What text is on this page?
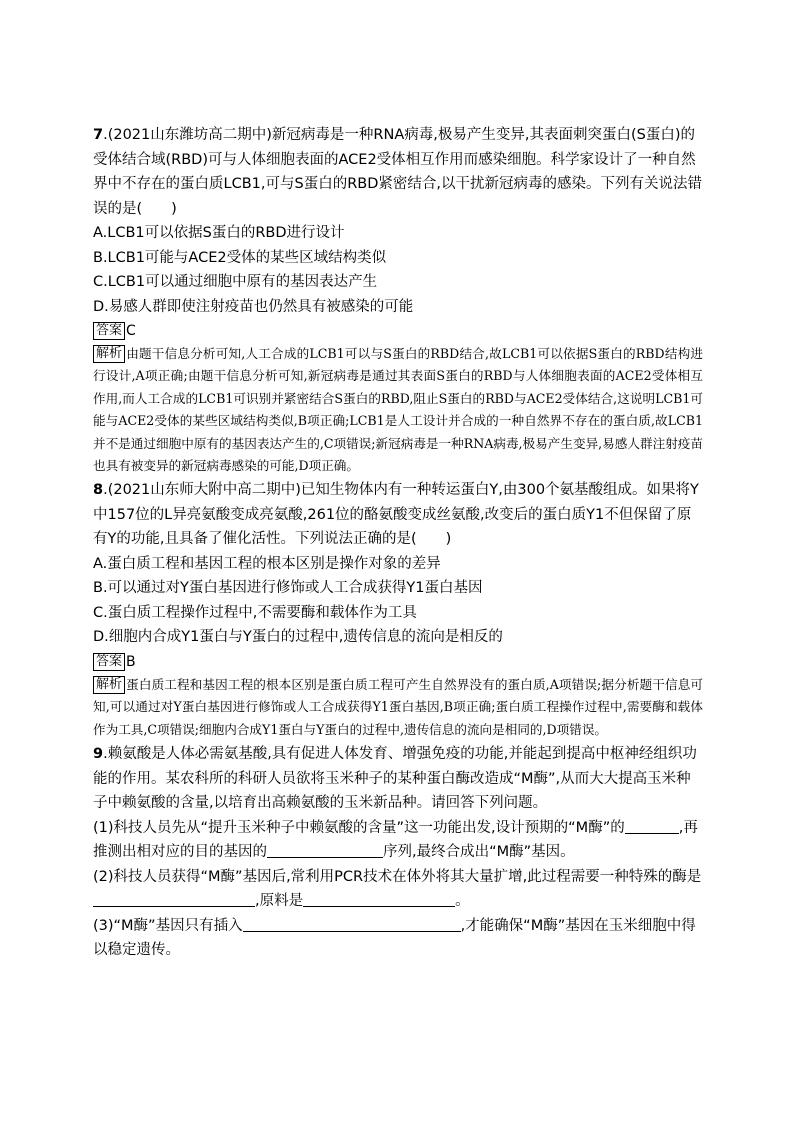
7.(2021山东潍坊高二期中)新冠病毒是一种RNA病毒,极易产生变异,其表面刺突蛋白(S蛋白)的受体结合域(RBD)可与人体细胞表面的ACE2受体相互作用而感染细胞。科学家设计了一种自然界中不存在的蛋白质LCB1,可与S蛋白的RBD紧密结合,以干扰新冠病毒的感染。下列有关说法错误的是(　　)

A.LCB1可以依据S蛋白的RBD进行设计

B.LCB1可能与ACE2受体的某些区域结构类似

C.LCB1可以通过细胞中原有的基因表达产生

D.易感人群即使注射疫苗也仍然具有被感染的可能

答案 C

解析 由题干信息分析可知,人工合成的LCB1可以与S蛋白的RBD结合,故LCB1可以依据S蛋白的RBD结构进行设计,A项正确;由题干信息分析可知,新冠病毒是通过其表面S蛋白的RBD与人体细胞表面的ACE2受体相互作用,而人工合成的LCB1可识别并紧密结合S蛋白的RBD,阻止S蛋白的RBD与ACE2受体结合,这说明LCB1可能与ACE2受体的某些区域结构类似,B项正确;LCB1是人工设计并合成的一种自然界不存在的蛋白质,故LCB1并不是通过细胞中原有的基因表达产生的,C项错误;新冠病毒是一种RNA病毒,极易产生变异,易感人群注射疫苗也具有被变异的新冠病毒感染的可能,D项正确。

8.(2021山东师大附中高二期中)已知生物体内有一种转运蛋白Y,由300个氨基酸组成。如果将Y中157位的L异亮氨酸变成亮氨酸,261位的酪氨酸变成丝氨酸,改变后的蛋白质Y1不但保留了原有Y的功能,且具备了催化活性。下列说法正确的是(　　)

A.蛋白质工程和基因工程的根本区别是操作对象的差异

B.可以通过对Y蛋白基因进行修饰或人工合成获得Y1蛋白基因

C.蛋白质工程操作过程中,不需要酶和载体作为工具

D.细胞内合成Y1蛋白与Y蛋白的过程中,遗传信息的流向是相反的

答案 B

解析 蛋白质工程和基因工程的根本区别是蛋白质工程可产生自然界没有的蛋白质,A项错误;据分析题干信息可知,可以通过对Y蛋白基因进行修饰或人工合成获得Y1蛋白基因,B项正确;蛋白质工程操作过程中,需要酶和载体作为工具,C项错误;细胞内合成Y1蛋白与Y蛋白的过程中,遗传信息的流向是相同的,D项错误。

9.赖氨酸是人体必需氨基酸,具有促进人体发育、增强免疫的功能,并能起到提高中枢神经组织功能的作用。某农科所的科研人员欲将玉米种子的某种蛋白酶改造成“M酶”,从而大大提高玉米种子中赖氨酸的含量,以培育出高赖氨酸的玉米新品种。请回答下列问题。

(1)科技人员先从“提升玉米种子中赖氨酸的含量”这一功能出发,设计预期的“M酶”的	,再推测出相对应的目的基因的	序列,最终合成出“M酶”基因。

(2)科技人员获得“M酶”基因后,常利用PCR技术在体外将其大量扩增,此过程需要一种特殊的酶是,原料是	。

(3)“M酶”基因只有插入	,才能确保“M酶”基因在玉米细胞中得以稳定遗传。
